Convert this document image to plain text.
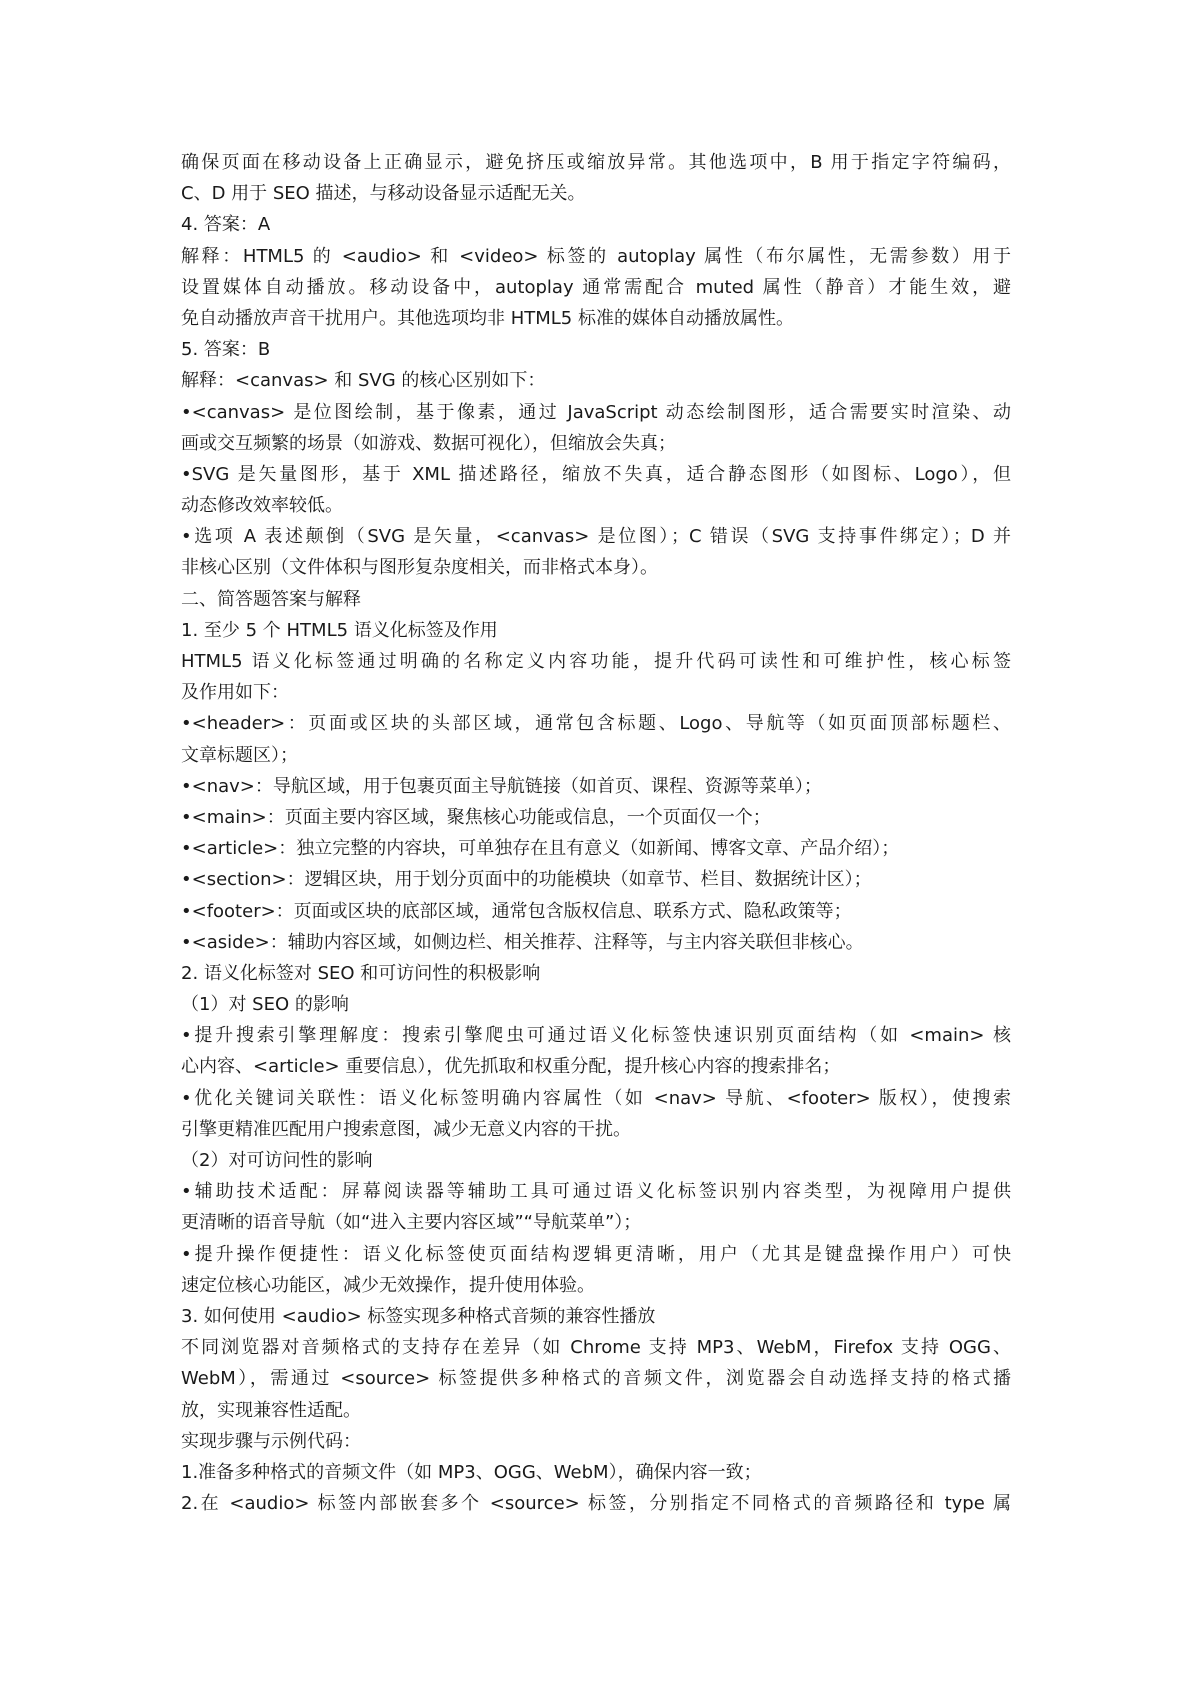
确保页面在移动设备上正确显示，避免挤压或缩放异常。其他选项中，B 用于指定字符编码，
C、D 用于 SEO 描述，与移动设备显示适配无关。
4. 答案：A
解释：HTML5 的 <audio> 和 <video> 标签的 autoplay 属性（布尔属性，无需参数）用于
设置媒体自动播放。移动设备中，autoplay 通常需配合 muted 属性（静音）才能生效，避
免自动播放声音干扰用户。其他选项均非 HTML5 标准的媒体自动播放属性。
5. 答案：B
解释：<canvas> 和 SVG 的核心区别如下：
•<canvas> 是位图绘制，基于像素，通过 JavaScript 动态绘制图形，适合需要实时渲染、动
画或交互频繁的场景（如游戏、数据可视化），但缩放会失真；
•SVG 是矢量图形，基于 XML 描述路径，缩放不失真，适合静态图形（如图标、Logo），但
动态修改效率较低。
•选项 A 表述颠倒（SVG 是矢量，<canvas> 是位图）；C 错误（SVG 支持事件绑定）；D 并
非核心区别（文件体积与图形复杂度相关，而非格式本身）。
二、简答题答案与解释
1. 至少 5 个 HTML5 语义化标签及作用
HTML5 语义化标签通过明确的名称定义内容功能，提升代码可读性和可维护性，核心标签
及作用如下：
•<header>：页面或区块的头部区域，通常包含标题、Logo、导航等（如页面顶部标题栏、
文章标题区）；
•<nav>：导航区域，用于包裹页面主导航链接（如首页、课程、资源等菜单）；
•<main>：页面主要内容区域，聚焦核心功能或信息，一个页面仅一个；
•<article>：独立完整的内容块，可单独存在且有意义（如新闻、博客文章、产品介绍）；
•<section>：逻辑区块，用于划分页面中的功能模块（如章节、栏目、数据统计区）；
•<footer>：页面或区块的底部区域，通常包含版权信息、联系方式、隐私政策等；
•<aside>：辅助内容区域，如侧边栏、相关推荐、注释等，与主内容关联但非核心。
2. 语义化标签对 SEO 和可访问性的积极影响
（1）对 SEO 的影响
•提升搜索引擎理解度：搜索引擎爬虫可通过语义化标签快速识别页面结构（如 <main> 核
心内容、<article> 重要信息），优先抓取和权重分配，提升核心内容的搜索排名；
•优化关键词关联性：语义化标签明确内容属性（如 <nav> 导航、<footer> 版权），使搜索
引擎更精准匹配用户搜索意图，减少无意义内容的干扰。
（2）对可访问性的影响
•辅助技术适配：屏幕阅读器等辅助工具可通过语义化标签识别内容类型，为视障用户提供
更清晰的语音导航（如“进入主要内容区域”“导航菜单”）；
•提升操作便捷性：语义化标签使页面结构逻辑更清晰，用户（尤其是键盘操作用户）可快
速定位核心功能区，减少无效操作，提升使用体验。
3. 如何使用 <audio> 标签实现多种格式音频的兼容性播放
不同浏览器对音频格式的支持存在差异（如 Chrome 支持 MP3、WebM，Firefox 支持 OGG、
WebM），需通过 <source> 标签提供多种格式的音频文件，浏览器会自动选择支持的格式播
放，实现兼容性适配。
实现步骤与示例代码：
1.准备多种格式的音频文件（如 MP3、OGG、WebM），确保内容一致；
2.在 <audio> 标签内部嵌套多个 <source> 标签，分别指定不同格式的音频路径和 type 属
